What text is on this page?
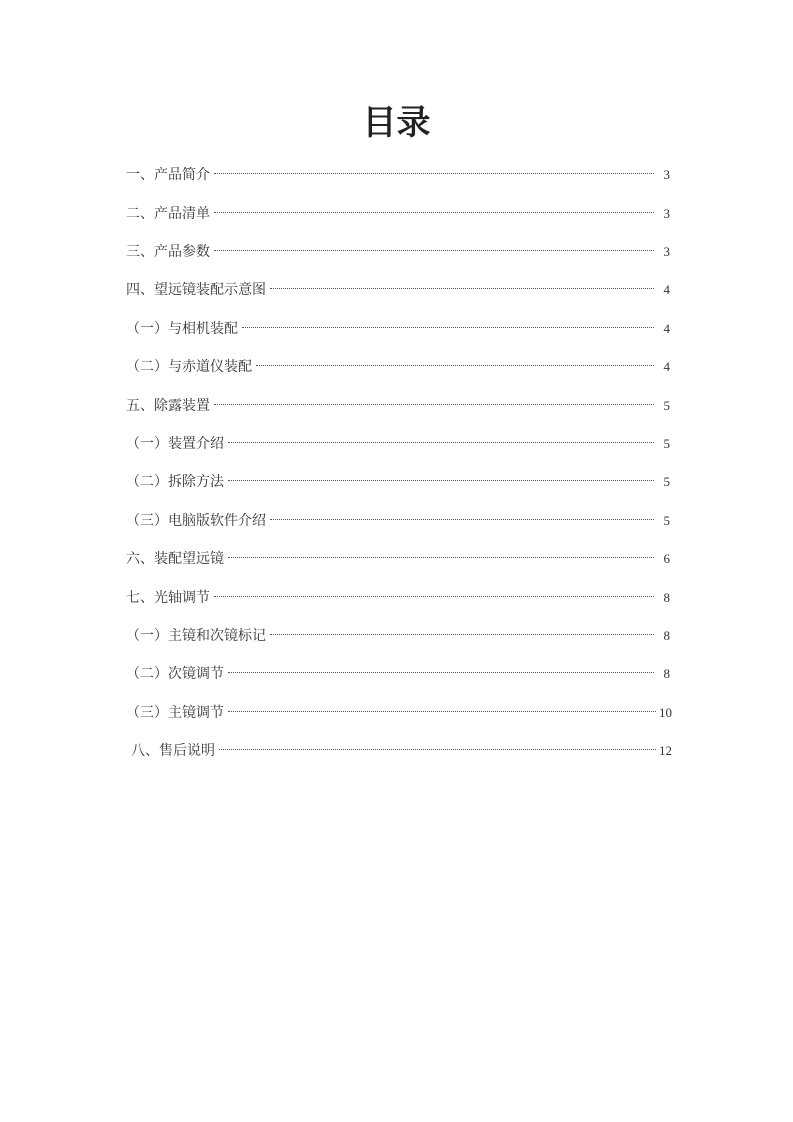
目录
一、产品简介	3
二、产品清单	3
三、产品参数	3
四、望远镜装配示意图	4
（一）与相机装配	4
（二）与赤道仪装配	4
五、除露装置	5
（一）装置介绍	5
（二）拆除方法	5
（三）电脑版软件介绍	5
六、装配望远镜	6
七、光轴调节	8
（一）主镜和次镜标记	8
（二）次镜调节	8
（三）主镜调节	10
八、售后说明	12
